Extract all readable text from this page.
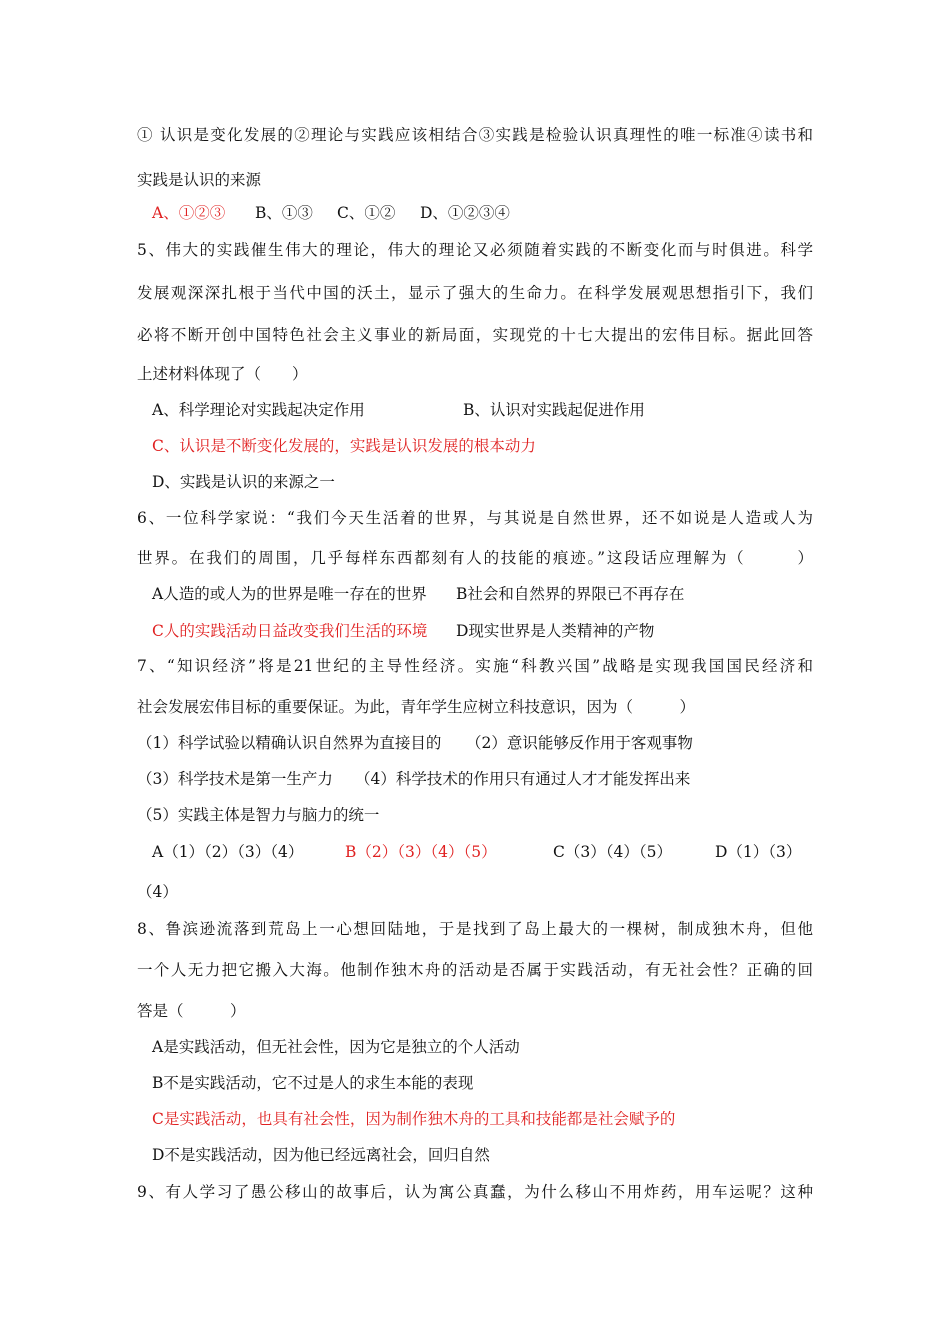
① 认识是变化发展的②理论与实践应该相结合③实践是检验认识真理性的唯一标准④读书和
实践是认识的来源
A、①②③ B、①③ C、①② D、①②③④
5、伟大的实践催生伟大的理论，伟大的理论又必须随着实践的不断变化而与时俱进。科学
发展观深深扎根于当代中国的沃土，显示了强大的生命力。在科学发展观思想指引下，我们
必将不断开创中国特色社会主义事业的新局面，实现党的十七大提出的宏伟目标。据此回答
上述材料体现了（　　）
A、科学理论对实践起决定作用	B、认识对实践起促进作用
C、认识是不断变化发展的，实践是认识发展的根本动力
D、实践是认识的来源之一
6、一位科学家说：“我们今天生活着的世界，与其说是自然世界，还不如说是人造或人为
世界。在我们的周围，几乎每样东西都刻有人的技能的痕迹。”这段话应理解为（　　　）
A人造的或人为的世界是唯一存在的世界 B社会和自然界的界限已不再存在
C人的实践活动日益改变我们生活的环境 D现实世界是人类精神的产物
7、“知识经济”将是21世纪的主导性经济。实施“科教兴国”战略是实现我国国民经济和
社会发展宏伟目标的重要保证。为此，青年学生应树立科技意识，因为（　　　）
（1）科学试验以精确认识自然界为直接目的 （2）意识能够反作用于客观事物
（3）科学技术是第一生产力 （4）科学技术的作用只有通过人才才能发挥出来
（5）实践主体是智力与脑力的统一
A（1）（2）（3）（4）	B（2）（3）（4）（5）	C（3）（4）（5）	D（1）（3）
（4）
8、鲁滨逊流落到荒岛上一心想回陆地，于是找到了岛上最大的一棵树，制成独木舟，但他
一个人无力把它搬入大海。他制作独木舟的活动是否属于实践活动，有无社会性？正确的回
答是（　　　）
A是实践活动，但无社会性，因为它是独立的个人活动
B不是实践活动，它不过是人的求生本能的表现
C是实践活动，也具有社会性，因为制作独木舟的工具和技能都是社会赋予的
D不是实践活动，因为他已经远离社会，回归自然
9、有人学习了愚公移山的故事后，认为寓公真蠢，为什么移山不用炸药，用车运呢？这种
